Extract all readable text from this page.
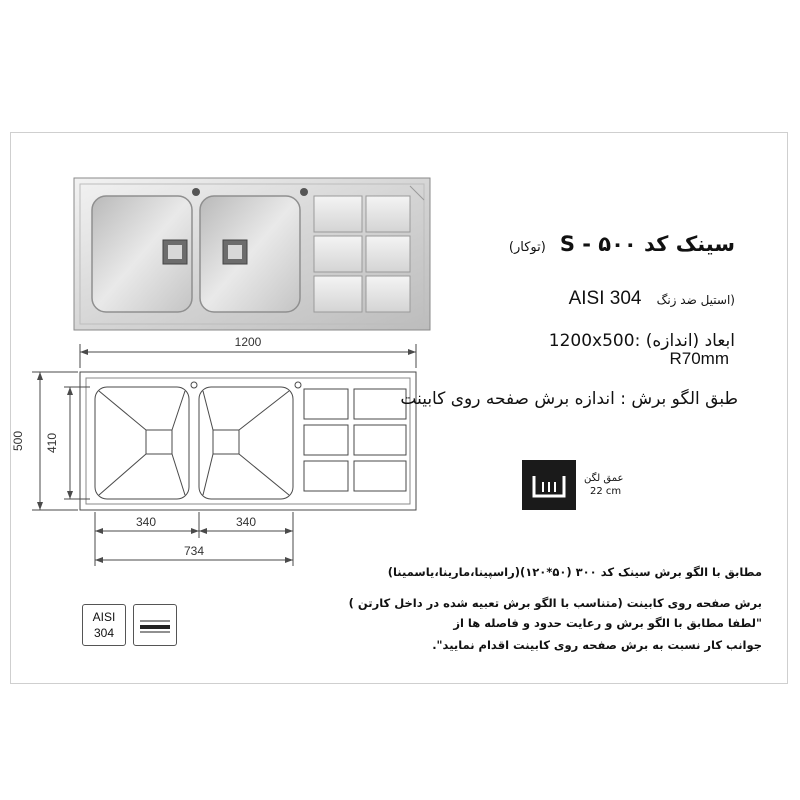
1200
500 410
340	340
734
سینک کد S - ۵۰۰(توکار)
AISI 304 (استیل ضد زنگ
1200x500: ابعاد (اندازه)
R70mm
طبق الگو برش : اندازه برش صفحه روی کابینت
عمق لگن
22 cm
مطابق با الگو برش سینک کد ۳۰۰ (۵۰*۱۲۰)(راسپینا،مارینا،یاسمینا)
برش صفحه روی کابینت (متناسب با الگو برش تعبیه شده در داخل کارتن )
"لطفا مطابق با الگو برش و رعایت حدود و فاصله ها از
جوانب کار نسبت به برش صفحه روی کابینت اقدام نمایید".
AISI
304
